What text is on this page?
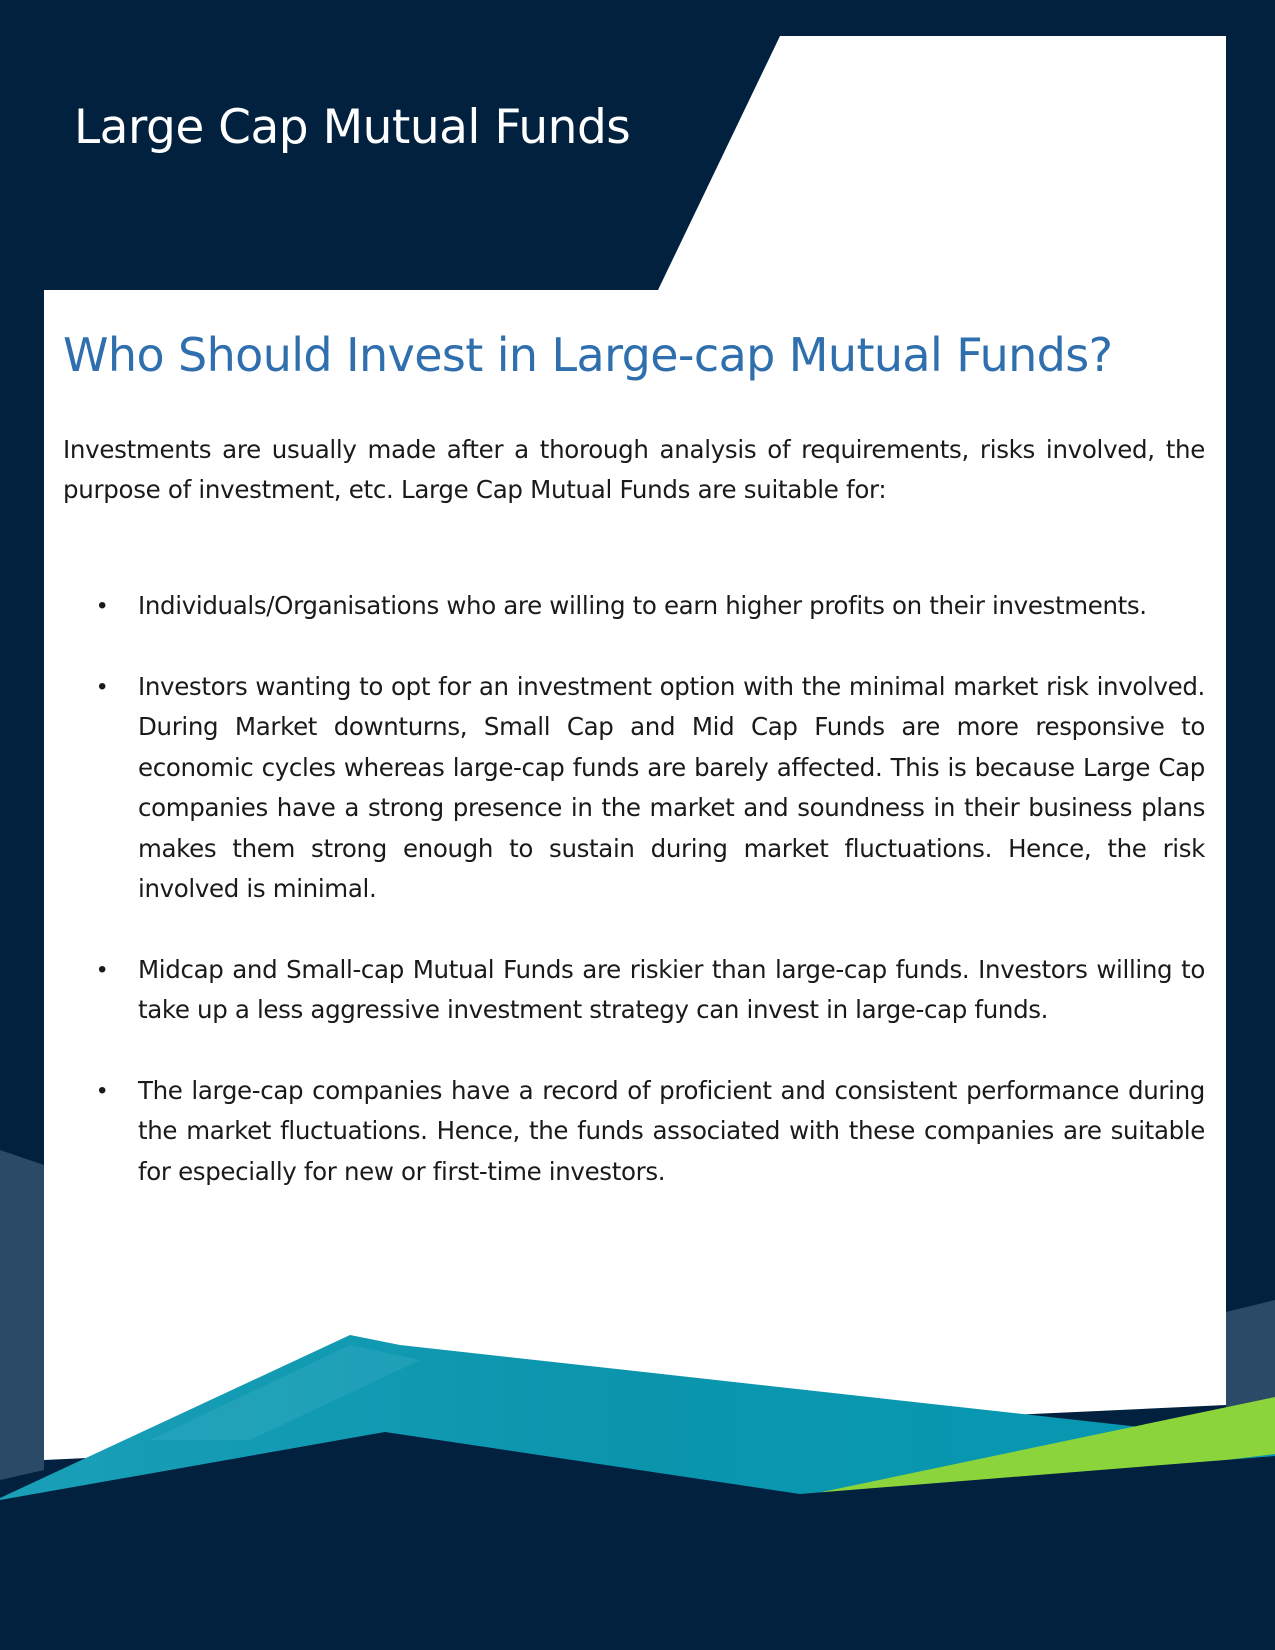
Large Cap Mutual Funds
Who Should Invest in Large-cap Mutual Funds?

Investments are usually made after a thorough analysis of requirements, risks involved, the purpose of investment, etc. Large Cap Mutual Funds are suitable for:

• Individuals/Organisations who are willing to earn higher profits on their investments.
• Investors wanting to opt for an investment option with the minimal market risk involved. During Market downturns, Small Cap and Mid Cap Funds are more responsive to economic cycles whereas large-cap funds are barely affected. This is because Large Cap companies have a strong presence in the market and soundness in their business plans makes them strong enough to sustain during market fluctuations. Hence, the risk involved is minimal.
• Midcap and Small-cap Mutual Funds are riskier than large-cap funds. Investors willing to take up a less aggressive investment strategy can invest in large-cap funds.
• The large-cap companies have a record of proficient and consistent performance during the market fluctuations. Hence, the funds associated with these companies are suitable for especially for new or first-time investors.
